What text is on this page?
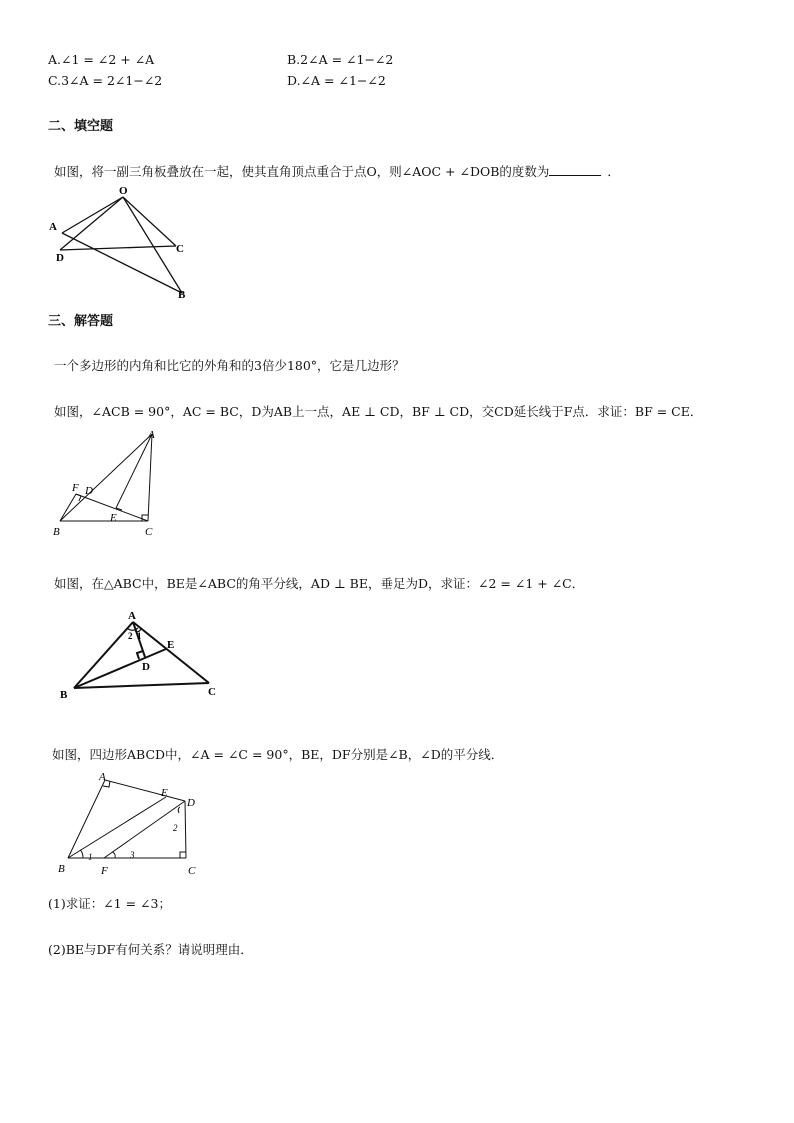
A.∠1 = ∠2 + ∠A	B.2∠A = ∠1−∠2
C.3∠A = 2∠1−∠2	D.∠A = ∠1−∠2
二、填空题
如图，将一副三角板叠放在一起，使其直角顶点重合于点O，则∠AOC + ∠DOB的度数为	．
O
A
D
C
B
三、解答题
一个多边形的内角和比它的外角和的3倍少180°，它是几边形？
如图，∠ACB = 90°，AC = BC，D为AB上一点，AE ⊥ CD，BF ⊥ CD，交CD延长线于F点．求证：BF = CE．
A
F D
E
B	C
如图，在△ABC中，BE是∠ABC的角平分线，AD ⊥ BE，垂足为D，求证：∠2 = ∠1 + ∠C．
A
E
D
B	C
2 1
如图，四边形ABCD中，∠A = ∠C = 90°，BE，DF分别是∠B，∠D的平分线．
A
E
D
B	F	C
1
2
3
(1)求证：∠1 = ∠3；
(2)BE与DF有何关系？请说明理由．
